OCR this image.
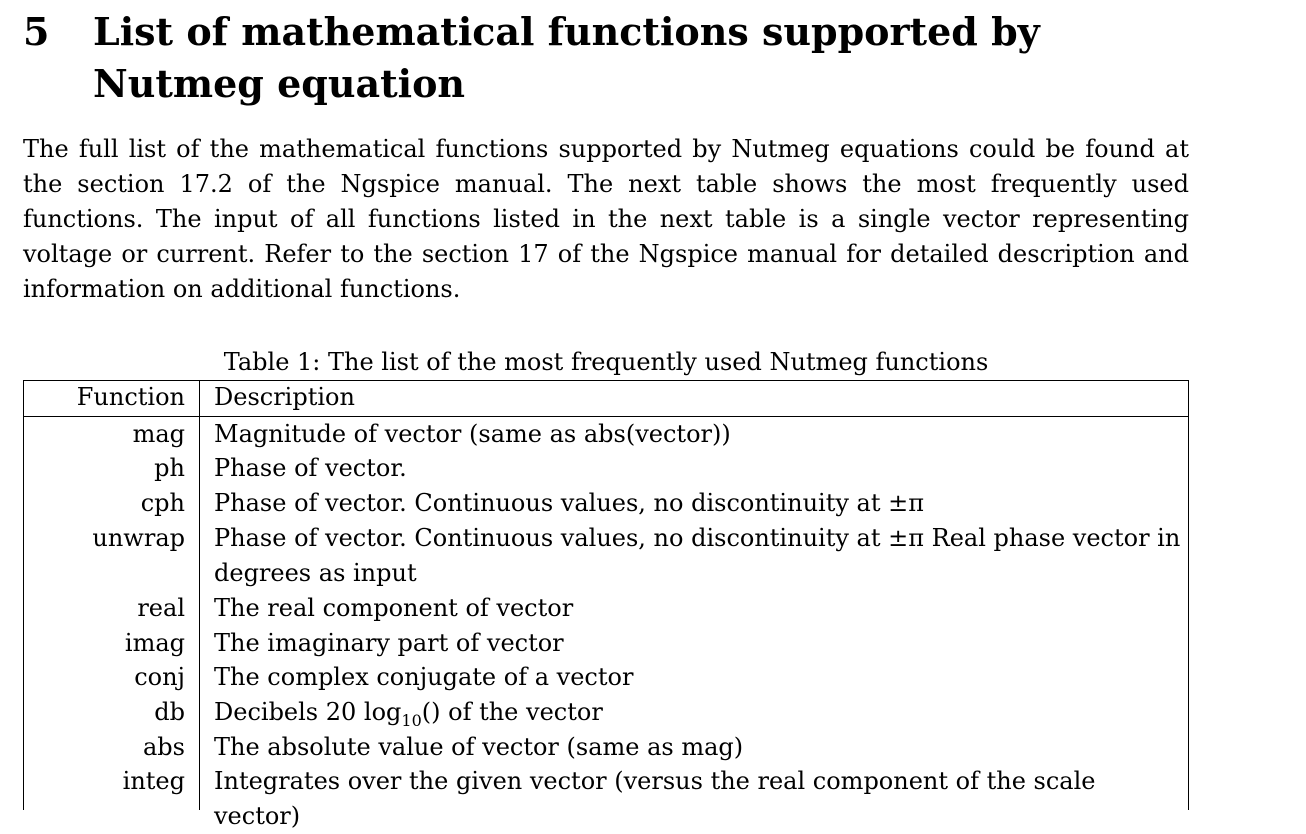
5 List of mathematical functions supported by Nutmeg equation

The full list of the mathematical functions supported by Nutmeg equations could be found at the section 17.2 of the Ngspice manual. The next table shows the most frequently used functions. The input of all functions listed in the next table is a single vector representing voltage or current. Refer to the section 17 of the Ngspice manual for detailed description and information on additional functions.

Table 1: The list of the most frequently used Nutmeg functions
Function Description
mag Magnitude of vector (same as abs(vector))
ph Phase of vector.
cph Phase of vector. Continuous values, no discontinuity at ±π
unwrap Phase of vector. Continuous values, no discontinuity at ±π Real phase vector in degrees as input
real The real component of vector
imag The imaginary part of vector
conj The complex conjugate of a vector
db Decibels 20 $\log_{10}()$ of the vector
abs The absolute value of vector (same as mag)
integ Integrates over the given vector (versus the real component of the scale vector)
